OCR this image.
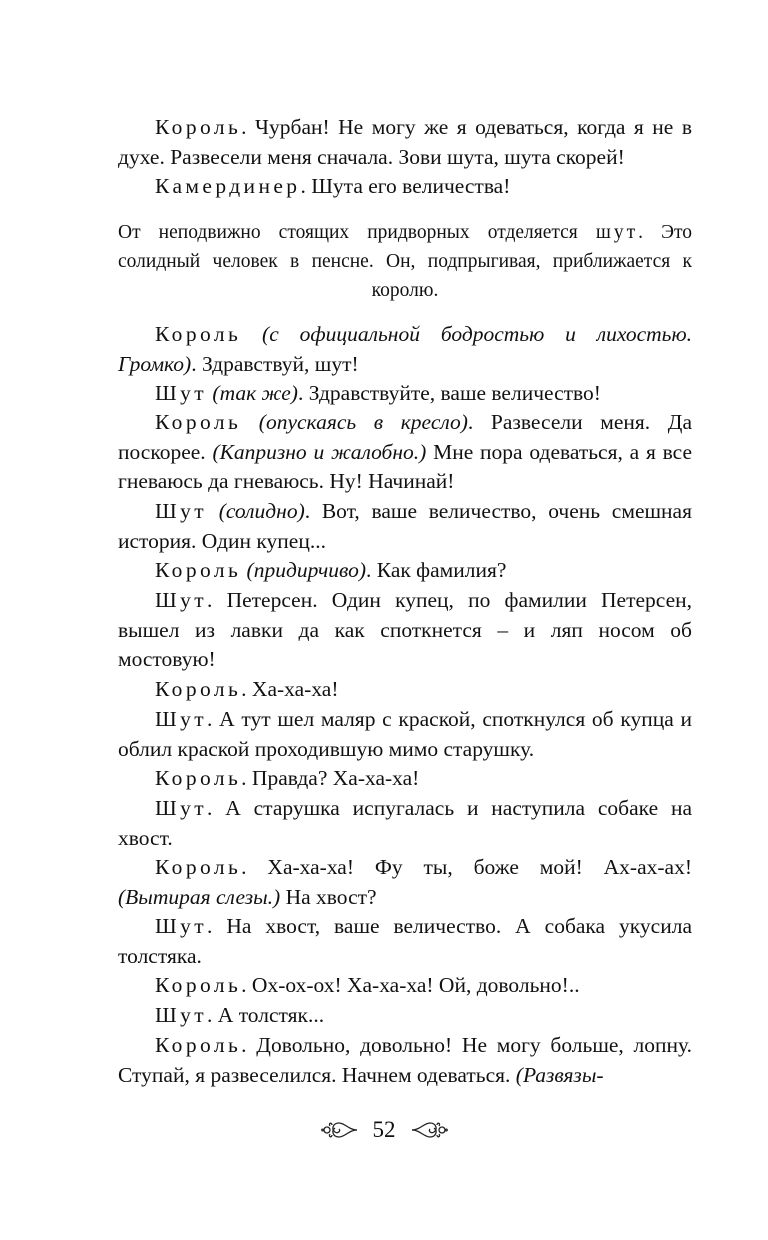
Король. Чурбан! Не могу же я одеваться, когда я не в духе. Развесели меня сначала. Зови шута, шута скорей!

Камердинер. Шута его величества!

От неподвижно стоящих придворных отделяется шут. Это солидный человек в пенсне. Он, подпрыгивая, приближается к королю.

Король (с официальной бодростью и лихостью. Громко). Здравствуй, шут!

Шут (так же). Здравствуйте, ваше величество!

Король (опускаясь в кресло). Развесели меня. Да поскорее. (Капризно и жалобно.) Мне пора одеваться, а я все гневаюсь да гневаюсь. Ну! Начинай!

Шут (солидно). Вот, ваше величество, очень смешная история. Один купец...

Король (придирчиво). Как фамилия?

Шут. Петерсен. Один купец, по фамилии Петерсен, вышел из лавки да как споткнется – и ляп носом об мостовую!

Король. Ха-ха-ха!

Шут. А тут шел маляр с краской, споткнулся об купца и облил краской проходившую мимо старушку.

Король. Правда? Ха-ха-ха!

Шут. А старушка испугалась и наступила собаке на хвост.

Король. Ха-ха-ха! Фу ты, боже мой! Ах-ах-ах! (Вытирая слезы.) На хвост?

Шут. На хвост, ваше величество. А собака укусила толстяка.

Король. Ох-ох-ох! Ха-ха-ха! Ой, довольно!..

Шут. А толстяк...

Король. Довольно, довольно! Не могу больше, лопну. Ступай, я развеселился. Начнем одеваться. (Развязы-

52
